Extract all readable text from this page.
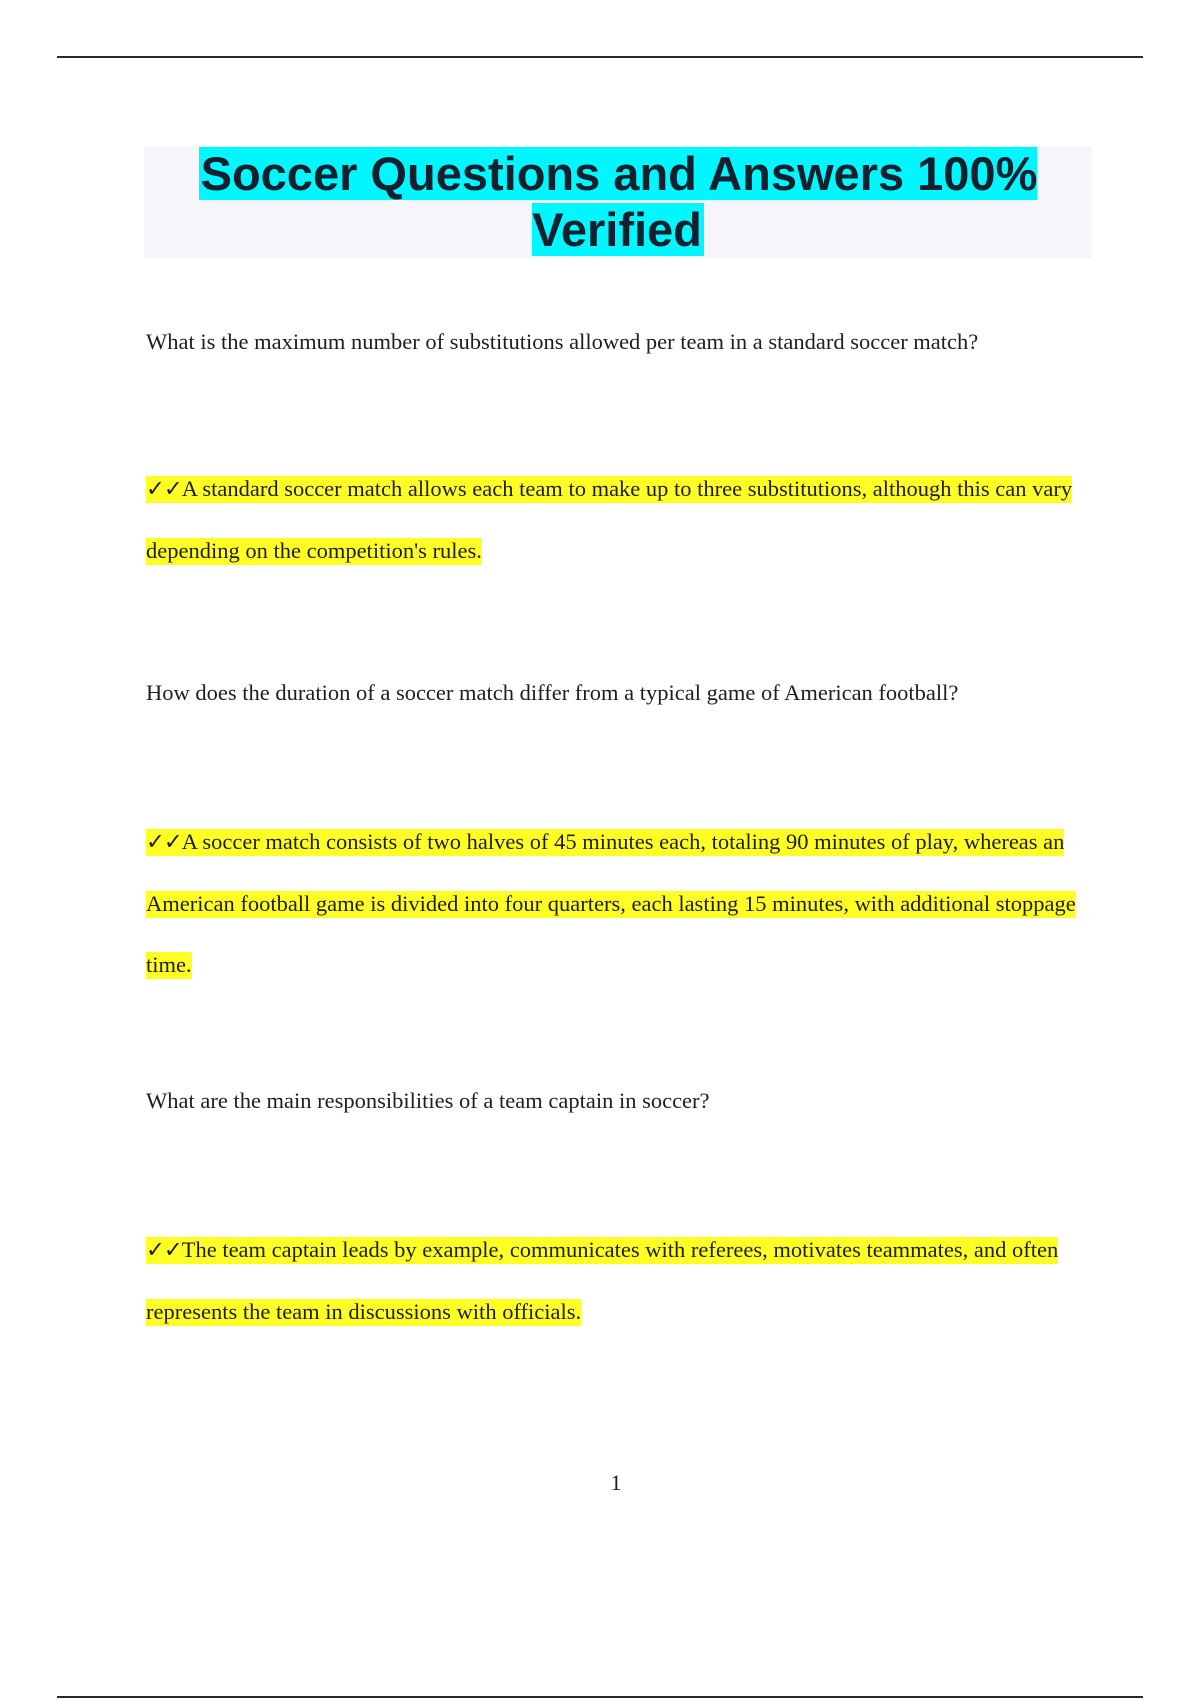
Soccer Questions and Answers 100% Verified
What is the maximum number of substitutions allowed per team in a standard soccer match?
✓✓A standard soccer match allows each team to make up to three substitutions, although this can vary depending on the competition's rules.
How does the duration of a soccer match differ from a typical game of American football?
✓✓A soccer match consists of two halves of 45 minutes each, totaling 90 minutes of play, whereas an American football game is divided into four quarters, each lasting 15 minutes, with additional stoppage time.
What are the main responsibilities of a team captain in soccer?
✓✓The team captain leads by example, communicates with referees, motivates teammates, and often represents the team in discussions with officials.
1
